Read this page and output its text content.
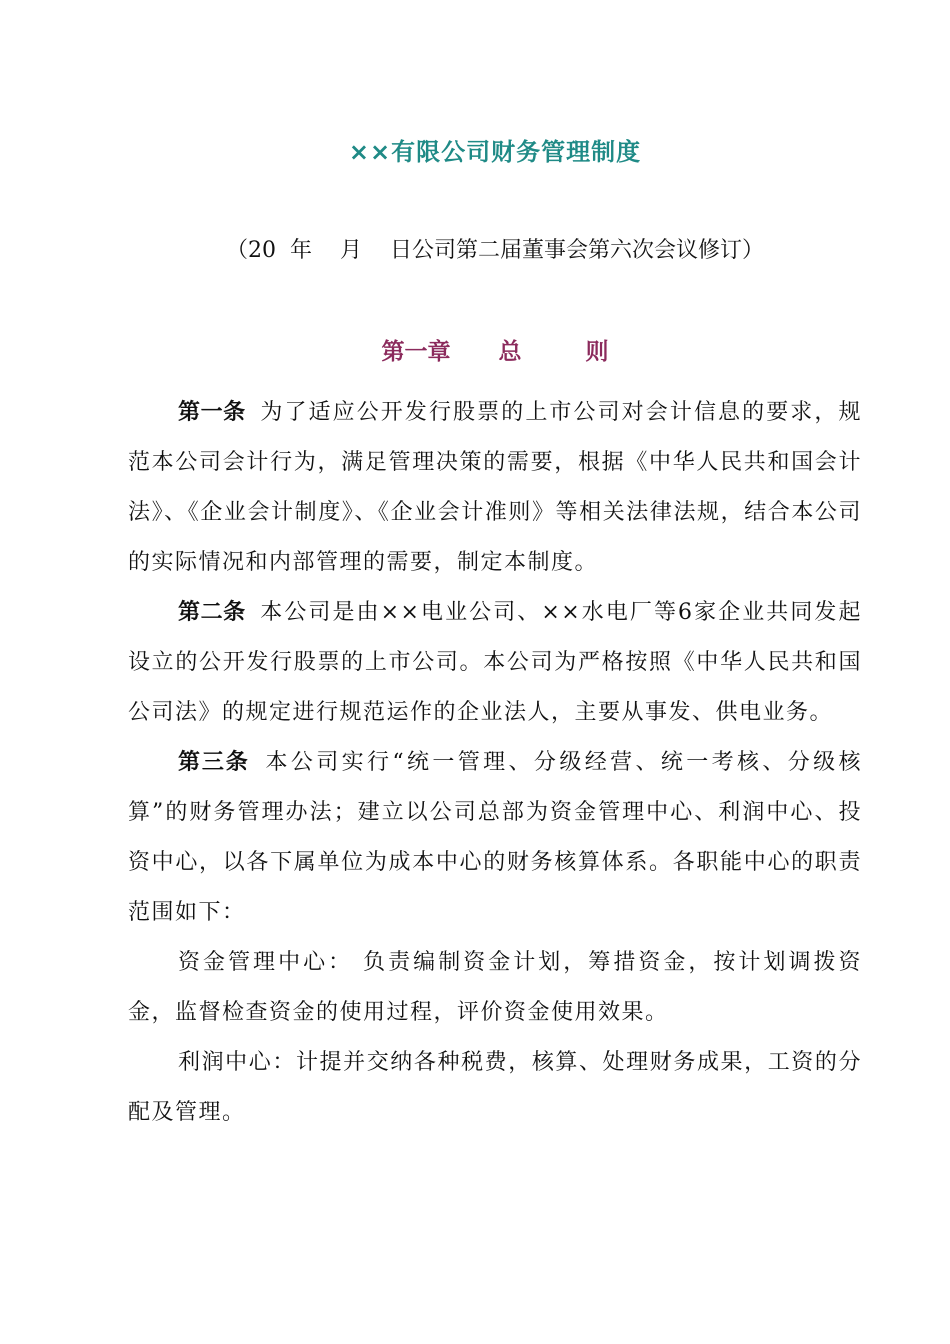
××有限公司财务管理制度
（20  年    月    日公司第二届董事会第六次会议修订）
第一章      总        则

第一条 为了适应公开发行股票的上市公司对会计信息的要求，规范本公司会计行为，满足管理决策的需要，根据《中华人民共和国会计法》、《企业会计制度》、《企业会计准则》等相关法律法规，结合本公司的实际情况和内部管理的需要，制定本制度。

第二条 本公司是由××电业公司、××水电厂等6家企业共同发起设立的公开发行股票的上市公司。本公司为严格按照《中华人民共和国公司法》的规定进行规范运作的企业法人，主要从事发、供电业务。

第三条 本公司实行“统一管理、分级经营、统一考核、分级核算”的财务管理办法；建立以公司总部为资金管理中心、利润中心、投资中心，以各下属单位为成本中心的财务核算体系。各职能中心的职责范围如下：

资金管理中心： 负责编制资金计划，筹措资金，按计划调拨资金，监督检查资金的使用过程，评价资金使用效果。

利润中心：计提并交纳各种税费，核算、处理财务成果，工资的分配及管理。
